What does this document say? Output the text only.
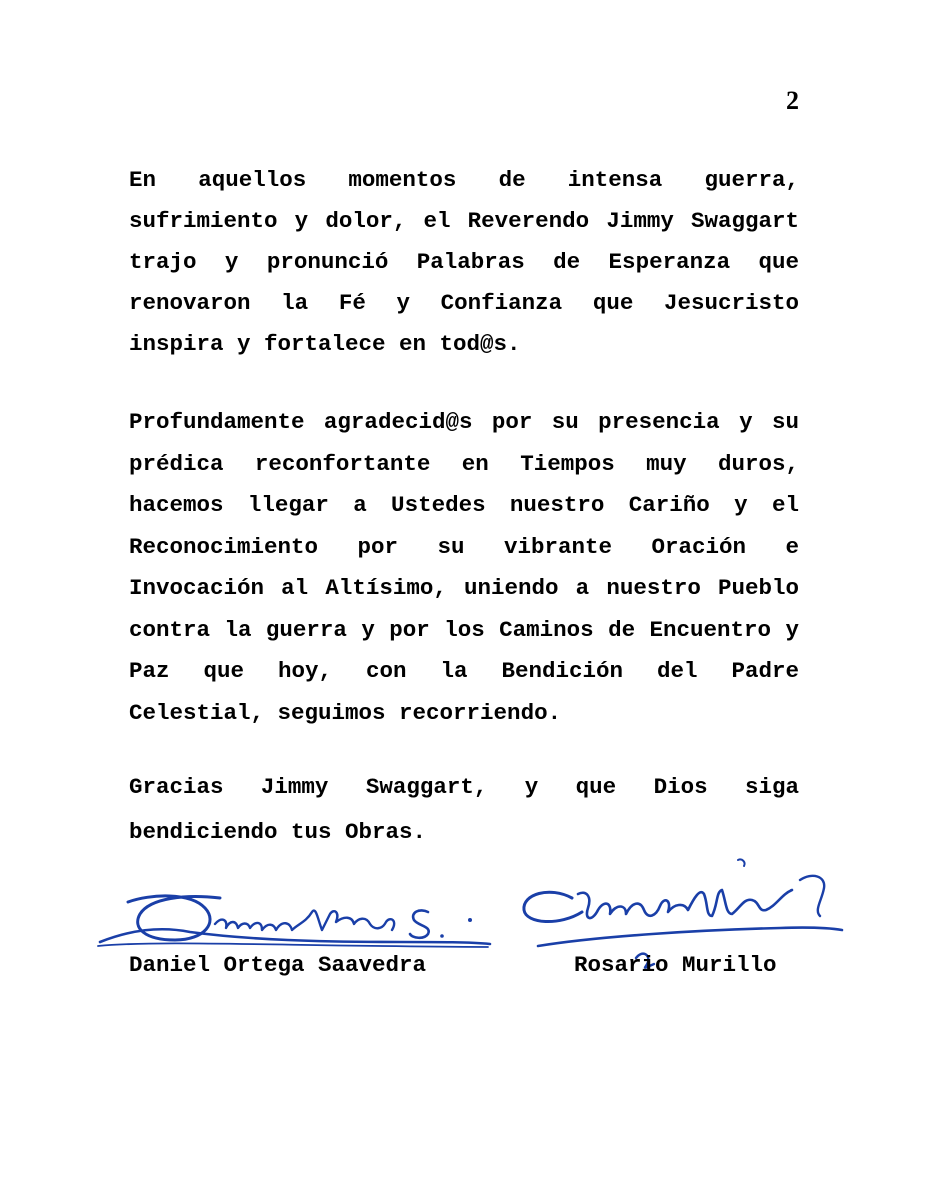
2

En aquellos momentos de intensa guerra, sufrimiento y dolor, el Reverendo Jimmy Swaggart trajo y pronunció Palabras de Esperanza que renovaron la Fé y Confianza que Jesucristo inspira y fortalece en tod@s.

Profundamente agradecid@s por su presencia y su prédica reconfortante en Tiempos muy duros, hacemos llegar a Ustedes nuestro Cariño y el Reconocimiento por su vibrante Oración e Invocación al Altísimo, uniendo a nuestro Pueblo contra la guerra y por los Caminos de Encuentro y Paz que hoy, con la Bendición del Padre Celestial, seguimos recorriendo.

Gracias Jimmy Swaggart, y que Dios siga bendiciendo tus Obras.

Daniel Ortega Saavedra	Rosario Murillo
